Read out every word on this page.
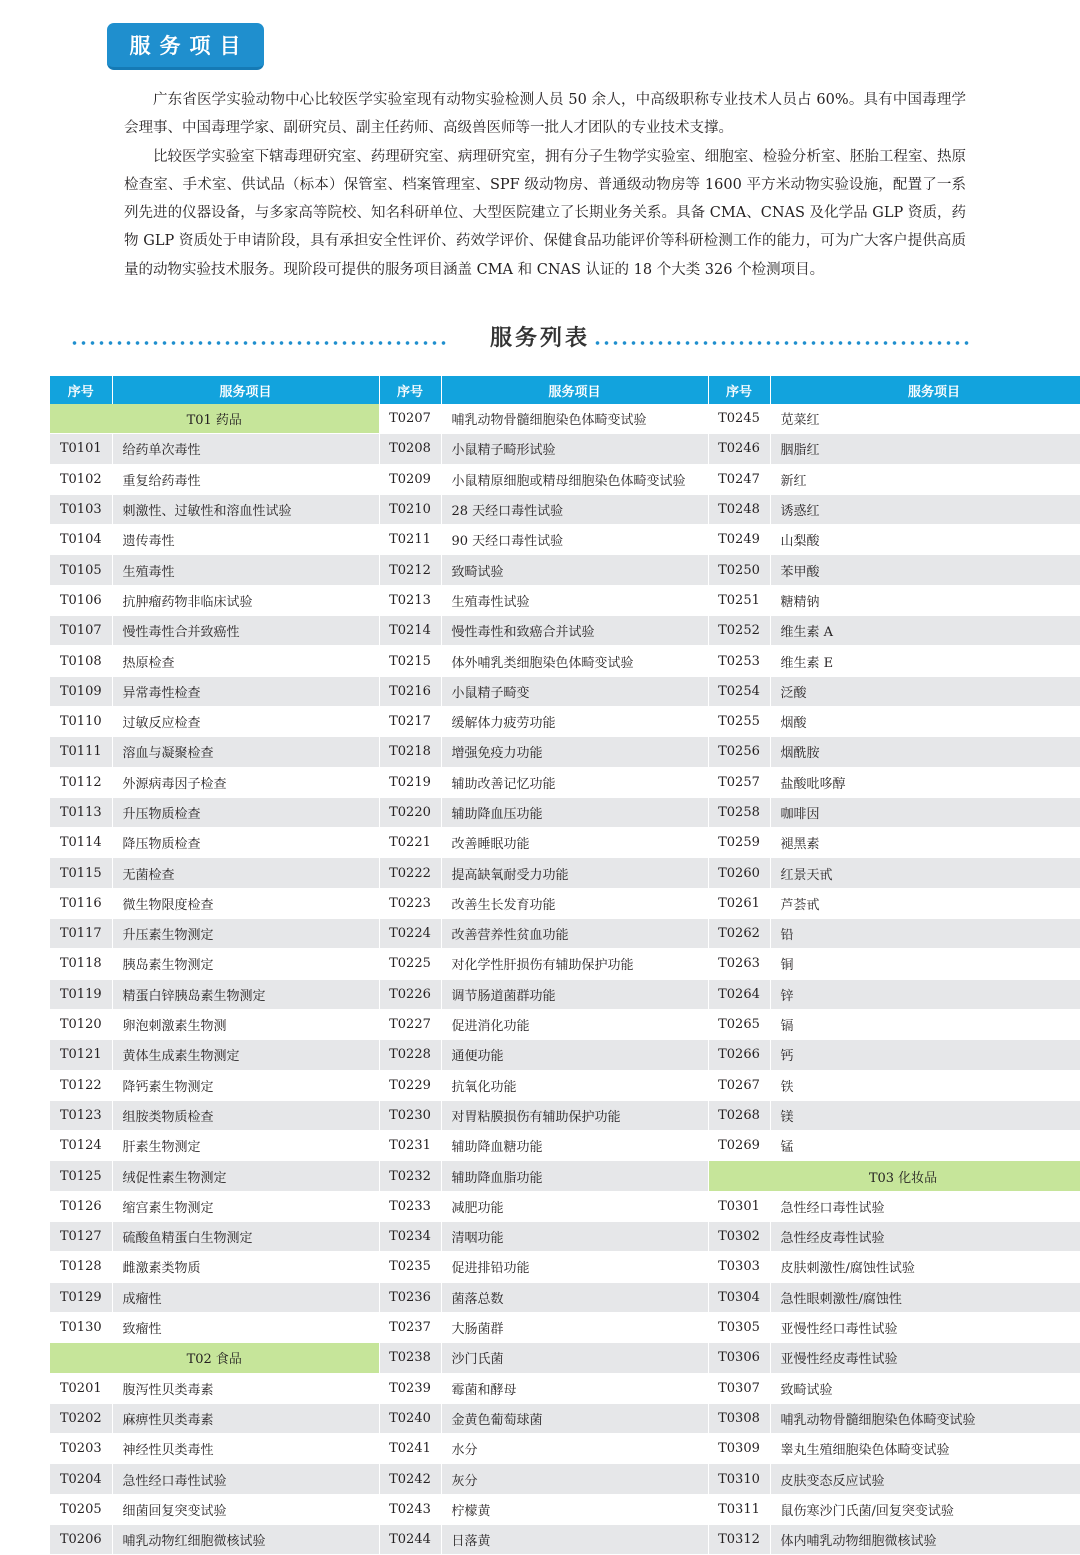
服务项目

广东省医学实验动物中心比较医学实验室现有动物实验检测人员 50 余人，中高级职称专业技术人员占 60%。具有中国毒理学会理事、中国毒理学家、副研究员、副主任药师、高级兽医师等一批人才团队的专业技术支撑。

比较医学实验室下辖毒理研究室、药理研究室、病理研究室，拥有分子生物学实验室、细胞室、检验分析室、胚胎工程室、热原检查室、手术室、供试品（标本）保管室、档案管理室、SPF 级动物房、普通级动物房等 1600 平方米动物实验设施，配置了一系列先进的仪器设备，与多家高等院校、知名科研单位、大型医院建立了长期业务关系。具备 CMA、CNAS 及化学品 GLP 资质，药物 GLP 资质处于申请阶段，具有承担安全性评价、药效学评价、保健食品功能评价等科研检测工作的能力，可为广大客户提供高质量的动物实验技术服务。现阶段可提供的服务项目涵盖 CMA 和 CNAS 认证的 18 个大类 326 个检测项目。

服务列表
序号	服务项目	序号	服务项目	序号	服务项目
T01 药品		T0207	哺乳动物骨髓细胞染色体畸变试验	T0245	苋菜红
T0101	给药单次毒性	T0208	小鼠精子畸形试验	T0246	胭脂红
T0102	重复给药毒性	T0209	小鼠精原细胞或精母细胞染色体畸变试验	T0247	新红
T0103	刺激性、过敏性和溶血性试验	T0210	28 天经口毒性试验	T0248	诱惑红
T0104	遗传毒性	T0211	90 天经口毒性试验	T0249	山梨酸
T0105	生殖毒性	T0212	致畸试验	T0250	苯甲酸
T0106	抗肿瘤药物非临床试验	T0213	生殖毒性试验	T0251	糖精钠
T0107	慢性毒性合并致癌性	T0214	慢性毒性和致癌合并试验	T0252	维生素 A
T0108	热原检查	T0215	体外哺乳类细胞染色体畸变试验	T0253	维生素 E
T0109	异常毒性检查	T0216	小鼠精子畸变	T0254	泛酸
T0110	过敏反应检查	T0217	缓解体力疲劳功能	T0255	烟酸
T0111	溶血与凝聚检查	T0218	增强免疫力功能	T0256	烟酰胺
T0112	外源病毒因子检查	T0219	辅助改善记忆功能	T0257	盐酸吡哆醇
T0113	升压物质检查	T0220	辅助降血压功能	T0258	咖啡因
T0114	降压物质检查	T0221	改善睡眠功能	T0259	褪黑素
T0115	无菌检查	T0222	提高缺氧耐受力功能	T0260	红景天甙
T0116	微生物限度检查	T0223	改善生长发育功能	T0261	芦荟甙
T0117	升压素生物测定	T0224	改善营养性贫血功能	T0262	铅
T0118	胰岛素生物测定	T0225	对化学性肝损伤有辅助保护功能	T0263	铜
T0119	精蛋白锌胰岛素生物测定	T0226	调节肠道菌群功能	T0264	锌
T0120	卵泡刺激素生物测	T0227	促进消化功能	T0265	镉
T0121	黄体生成素生物测定	T0228	通便功能	T0266	钙
T0122	降钙素生物测定	T0229	抗氧化功能	T0267	铁
T0123	组胺类物质检查	T0230	对胃粘膜损伤有辅助保护功能	T0268	镁
T0124	肝素生物测定	T0231	辅助降血糖功能	T0269	锰
T0125	绒促性素生物测定	T0232	辅助降血脂功能	T03 化妆品	
T0126	缩宫素生物测定	T0233	减肥功能	T0301	急性经口毒性试验
T0127	硫酸鱼精蛋白生物测定	T0234	清咽功能	T0302	急性经皮毒性试验
T0128	雌激素类物质	T0235	促进排铅功能	T0303	皮肤刺激性/腐蚀性试验
T0129	成瘤性	T0236	菌落总数	T0304	急性眼刺激性/腐蚀性
T0130	致瘤性	T0237	大肠菌群	T0305	亚慢性经口毒性试验
T02 食品		T0238	沙门氏菌	T0306	亚慢性经皮毒性试验
T0201	腹泻性贝类毒素	T0239	霉菌和酵母	T0307	致畸试验
T0202	麻痹性贝类毒素	T0240	金黄色葡萄球菌	T0308	哺乳动物骨髓细胞染色体畸变试验
T0203	神经性贝类毒性	T0241	水分	T0309	睾丸生殖细胞染色体畸变试验
T0204	急性经口毒性试验	T0242	灰分	T0310	皮肤变态反应试验
T0205	细菌回复突变试验	T0243	柠檬黄	T0311	鼠伤寒沙门氏菌/回复突变试验
T0206	哺乳动物红细胞微核试验	T0244	日落黄	T0312	体内哺乳动物细胞微核试验
